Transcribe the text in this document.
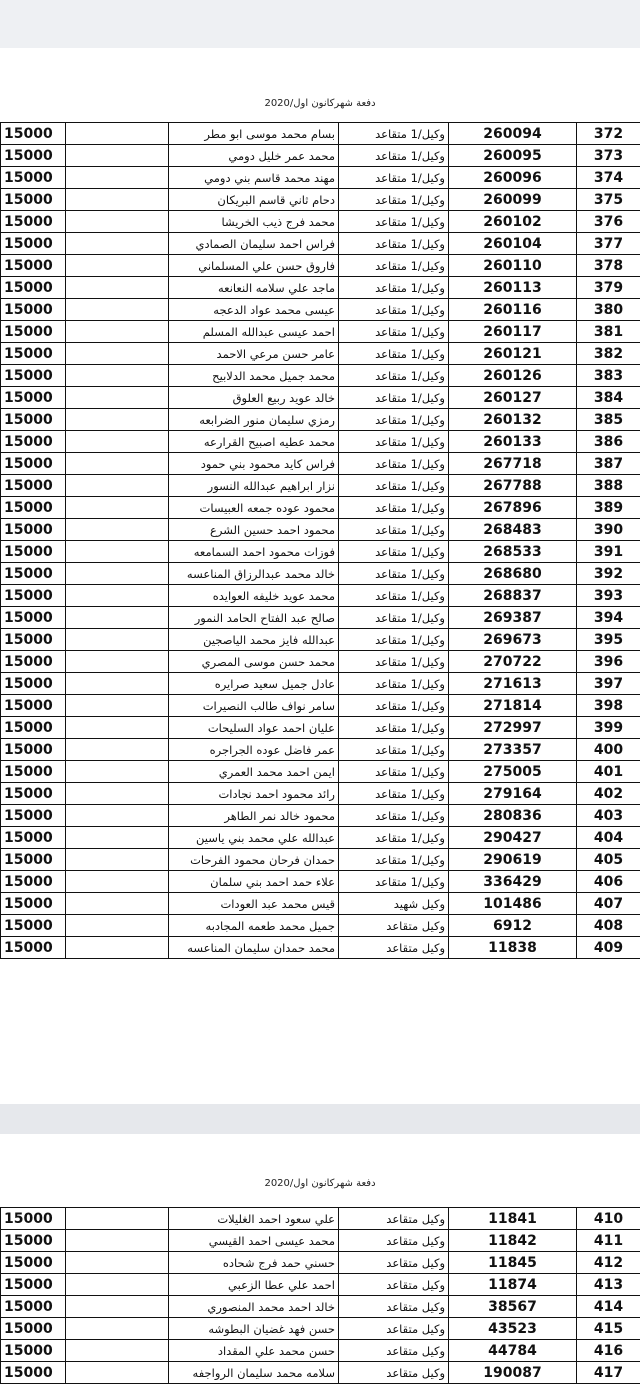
دفعة شهركانون اول/2020
15000		بسام محمد موسى ابو مطر	وكيل/1 متقاعد	260094	372
15000		محمد عمر خليل دومي	وكيل/1 متقاعد	260095	373
15000		مهند محمد قاسم بني دومي	وكيل/1 متقاعد	260096	374
15000		دحام ثاني قاسم البريكان	وكيل/1 متقاعد	260099	375
15000		محمد فرج ذيب الخريشا	وكيل/1 متقاعد	260102	376
15000		فراس احمد سليمان الصمادي	وكيل/1 متقاعد	260104	377
15000		فاروق حسن علي المسلماني	وكيل/1 متقاعد	260110	378
15000		ماجد علي سلامه النعانعه	وكيل/1 متقاعد	260113	379
15000		عيسى محمد عواد الدعجه	وكيل/1 متقاعد	260116	380
15000		احمد عيسى عبدالله المسلم	وكيل/1 متقاعد	260117	381
15000		عامر حسن مرعي الاحمد	وكيل/1 متقاعد	260121	382
15000		محمد جميل محمد الدلابيح	وكيل/1 متقاعد	260126	383
15000		خالد عويد ربيع العلوق	وكيل/1 متقاعد	260127	384
15000		رمزي سليمان منور الضرابعه	وكيل/1 متقاعد	260132	385
15000		محمد عطيه اصبيح القرارعه	وكيل/1 متقاعد	260133	386
15000		فراس كايد محمود بني حمود	وكيل/1 متقاعد	267718	387
15000		نزار ابراهيم عبدالله النسور	وكيل/1 متقاعد	267788	388
15000		محمود عوده جمعه العبيسات	وكيل/1 متقاعد	267896	389
15000		محمود احمد حسين الشرع	وكيل/1 متقاعد	268483	390
15000		فوزات محمود احمد السمامعه	وكيل/1 متقاعد	268533	391
15000		خالد محمد عبدالرزاق المناعسه	وكيل/1 متقاعد	268680	392
15000		محمد عويد خليفه العوايده	وكيل/1 متقاعد	268837	393
15000		صالح عبد الفتاح الحامد النمور	وكيل/1 متقاعد	269387	394
15000		عبدالله فايز محمد الياصجين	وكيل/1 متقاعد	269673	395
15000		محمد حسن موسى المصري	وكيل/1 متقاعد	270722	396
15000		عادل جميل سعيد صرايره	وكيل/1 متقاعد	271613	397
15000		سامر نواف طالب النصيرات	وكيل/1 متقاعد	271814	398
15000		عليان احمد عواد السليحات	وكيل/1 متقاعد	272997	399
15000		عمر فاضل عوده الجراجره	وكيل/1 متقاعد	273357	400
15000		ايمن احمد محمد العمري	وكيل/1 متقاعد	275005	401
15000		رائد محمود احمد نجادات	وكيل/1 متقاعد	279164	402
15000		محمود خالد نمر الطاهر	وكيل/1 متقاعد	280836	403
15000		عبدالله علي محمد بني ياسين	وكيل/1 متقاعد	290427	404
15000		حمدان فرحان محمود الفرحات	وكيل/1 متقاعد	290619	405
15000		علاء حمد احمد بني سلمان	وكيل/1 متقاعد	336429	406
15000		قيس محمد عبد العودات	وكيل شهيد	101486	407
15000		جميل محمد طعمه المجادبه	وكيل متقاعد	6912	408
15000		محمد حمدان سليمان المناعسه	وكيل متقاعد	11838	409
دفعة شهركانون اول/2020
15000		علي سعود احمد الغليلات	وكيل متقاعد	11841	410
15000		محمد عيسى احمد القيسي	وكيل متقاعد	11842	411
15000		حسني حمد فرج شحاده	وكيل متقاعد	11845	412
15000		احمد علي عطا الزعبي	وكيل متقاعد	11874	413
15000		خالد احمد محمد المنصوري	وكيل متقاعد	38567	414
15000		حسن فهد غضيان البطوشه	وكيل متقاعد	43523	415
15000		حسن محمد علي المقداد	وكيل متقاعد	44784	416
15000		سلامه محمد سليمان الرواجفه	وكيل متقاعد	190087	417
